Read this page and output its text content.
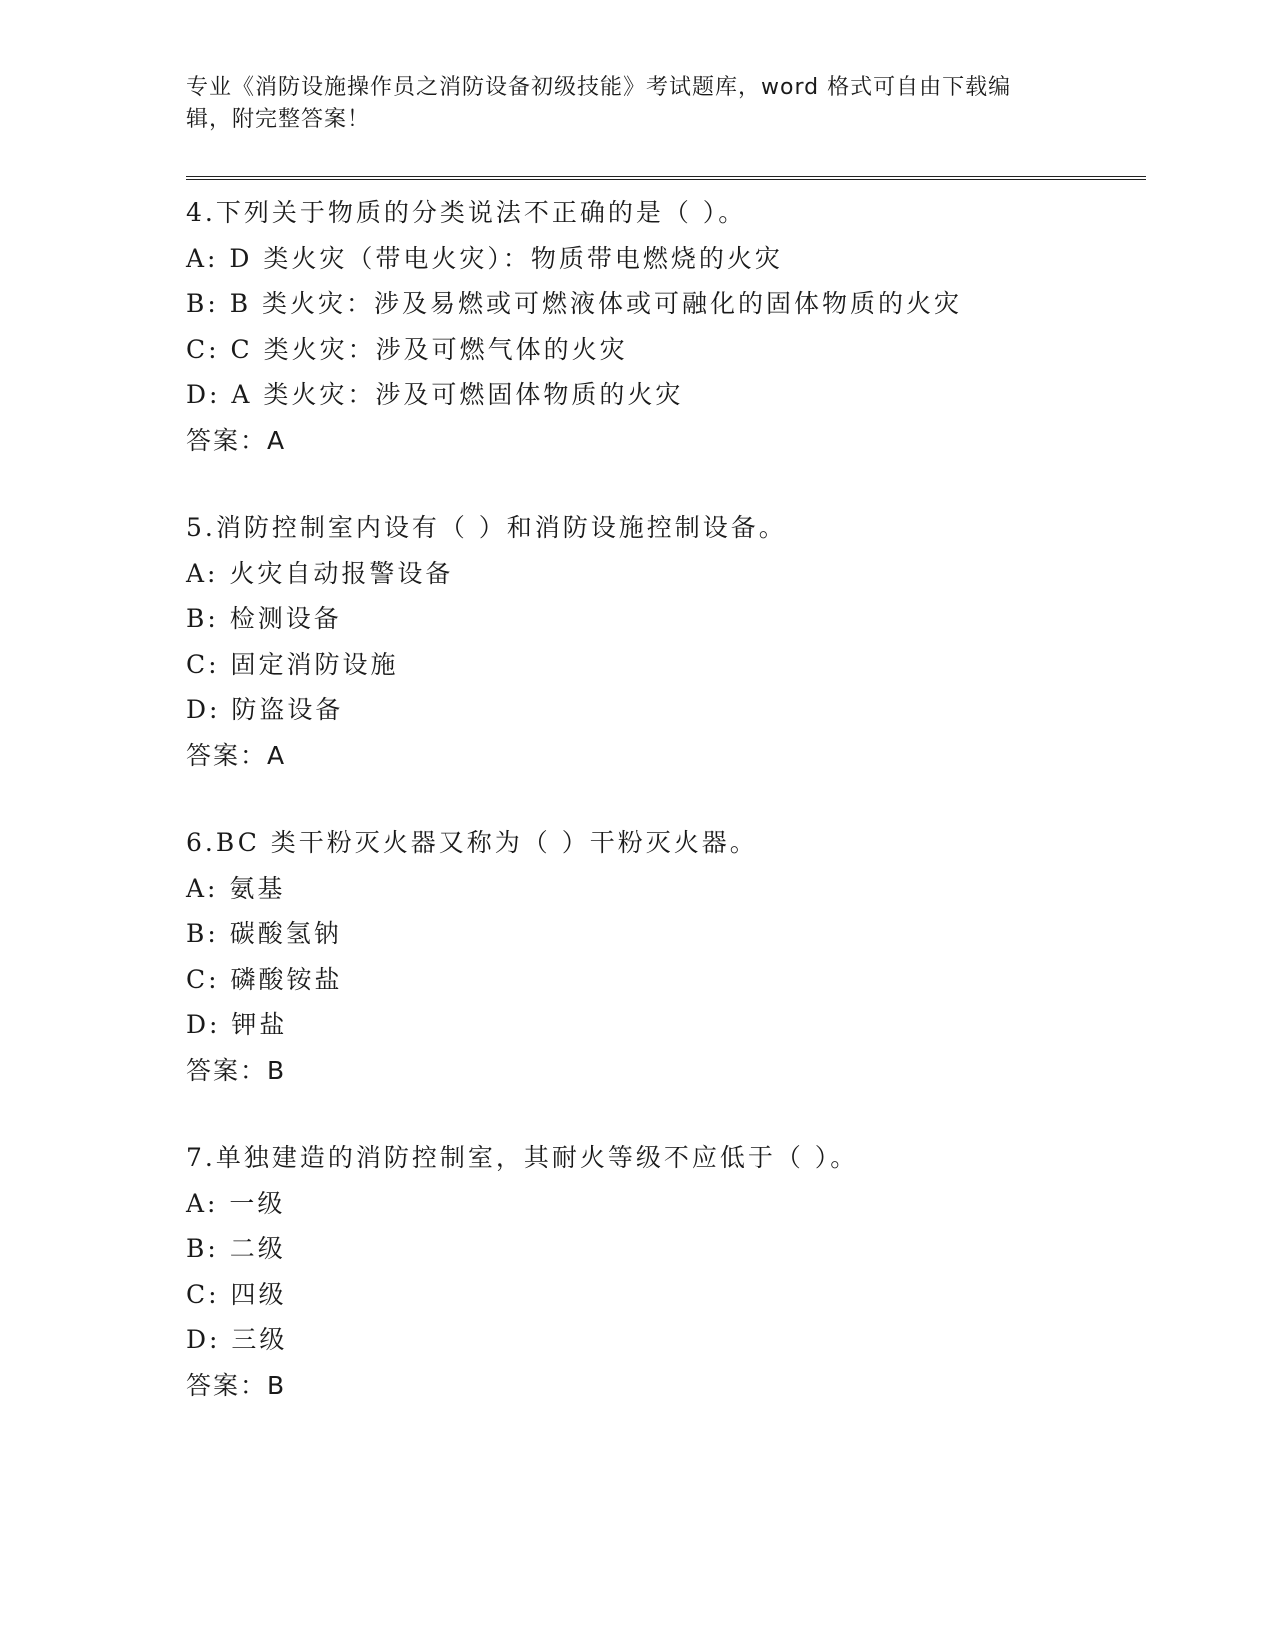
专业《消防设施操作员之消防设备初级技能》考试题库，word 格式可自由下载编
辑，附完整答案！
4.下列关于物质的分类说法不正确的是（ ）。
A: D 类火灾（带电火灾）：物质带电燃烧的火灾
B: B 类火灾：涉及易燃或可燃液体或可融化的固体物质的火灾
C: C 类火灾：涉及可燃气体的火灾
D: A 类火灾：涉及可燃固体物质的火灾
答案：A
5.消防控制室内设有（ ）和消防设施控制设备。
A: 火灾自动报警设备
B: 检测设备
C: 固定消防设施
D: 防盗设备
答案：A
6.BC 类干粉灭火器又称为（ ）干粉灭火器。
A: 氨基
B: 碳酸氢钠
C: 磷酸铵盐
D: 钾盐
答案：B
7.单独建造的消防控制室，其耐火等级不应低于（ ）。
A: 一级
B: 二级
C: 四级
D: 三级
答案：B
